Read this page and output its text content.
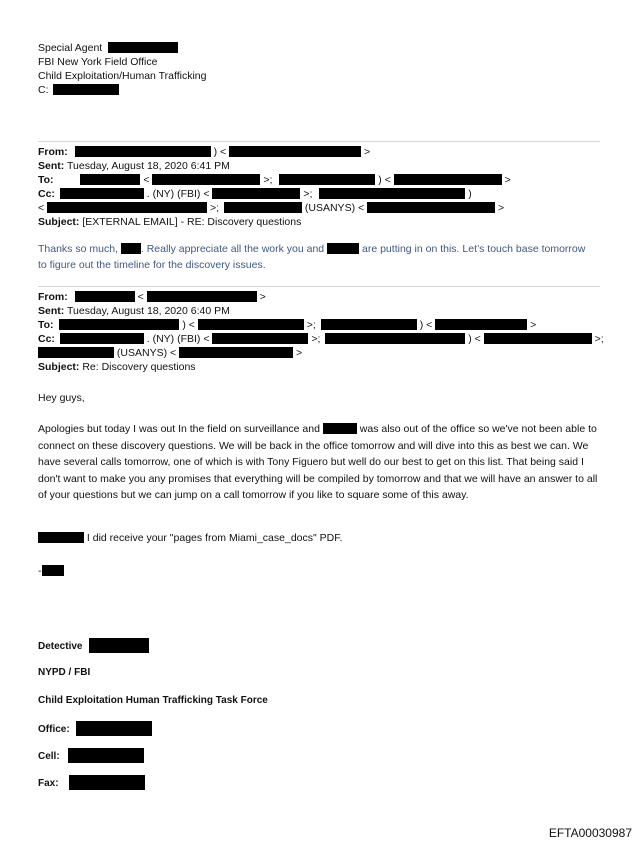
Special Agent
FBI New York Field Office
Child Exploitation/Human Trafficking
C:
From:	) <	>
Sent: Tuesday, August 18, 2020 6:41 PM
To:	<	>;	) <	>
Cc:	. (NY) (FBI) <	>;	)
<	>;	(USANYS) <	>
Subject: [EXTERNAL EMAIL] - RE: Discovery questions
Thanks so much, . Really appreciate all the work you and	are putting in on this. Let’s touch base tomorrow
to figure out the timeline for the discovery issues.
From:	<	>
Sent: Tuesday, August 18, 2020 6:40 PM
To:	) <	>;	) <	>
Cc:	. (NY) (FBI) <	>;	) <	>;
(USANYS) <	>
Subject: Re: Discovery questions
Hey guys,
Apologies but today I was out In the field on surveillance and	was also out of the office so we've not been able to connect on these discovery questions. We will be back in the office tomorrow and will dive into this as best we can. We have several calls tomorrow, one of which is with Tony Figuero but well do our best to get on this list. That being said I don't want to make you any promises that everything will be compiled by tomorrow and that we will have an answer to all of your questions but we can jump on a call tomorrow if you like to square some of this away.
I did receive your "pages from Miami_case_docs" PDF.
-
Detective
NYPD / FBI
Child Exploitation Human Trafficking Task Force
Office:
Cell:
Fax:
EFTA00030987
